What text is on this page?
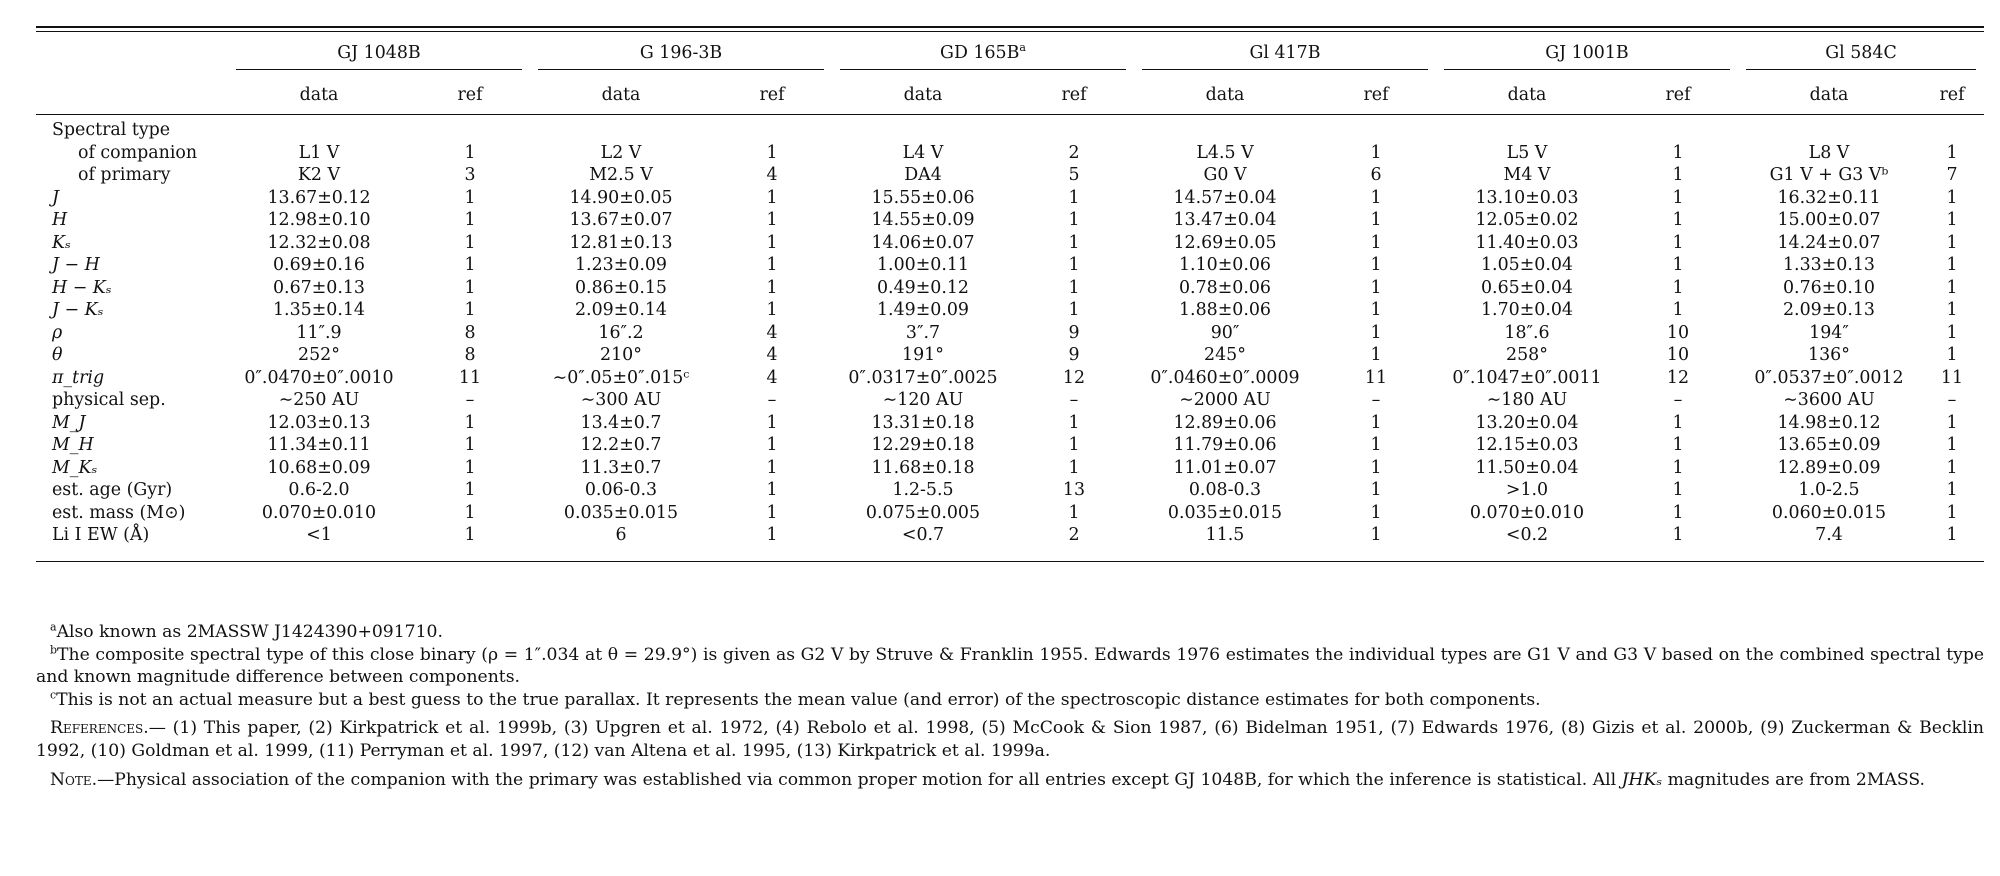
	GJ 1048B		G 196-3B		GD $165B^a$		Gl 417B		GJ 1001B		Gl 584C	

	data	ref	data	ref	data	ref	data	ref	data	ref	data	ref
Spectral type												
of companion	L1 V	1	L2 V	1	L4 V	2	L4.5 V	1	L5 V	1	L8 V	1
of primary	K2 V	3	M2.5 V	4	DA4	5	G0 V	6	M4 V	1	G1 V + G3 Vᵇ	7
J	13.67±0.12	1	14.90±0.05	1	15.55±0.06	1	14.57±0.04	1	13.10±0.03	1	16.32±0.11	1
H	12.98±0.10	1	13.67±0.07	1	14.55±0.09	1	13.47±0.04	1	12.05±0.02	1	15.00±0.07	1
Kₛ	12.32±0.08	1	12.81±0.13	1	14.06±0.07	1	12.69±0.05	1	11.40±0.03	1	14.24±0.07	1
J − H	0.69±0.16	1	1.23±0.09	1	1.00±0.11	1	1.10±0.06	1	1.05±0.04	1	1.33±0.13	1
H − Kₛ	0.67±0.13	1	0.86±0.15	1	0.49±0.12	1	0.78±0.06	1	0.65±0.04	1	0.76±0.10	1
J − Kₛ	1.35±0.14	1	2.09±0.14	1	1.49±0.09	1	1.88±0.06	1	1.70±0.04	1	2.09±0.13	1
ρ	11″.9	8	16″.2	4	3″.7	9	90″	1	18″.6	10	194″	1
θ	252°	8	210°	4	191°	9	245°	1	258°	10	136°	1
π_trig	0″.0470±0″.0010	11	∼0″.05±0″.015ᶜ	4	0″.0317±0″.0025	12	0″.0460±0″.0009	11	0″.1047±0″.0011	12	0″.0537±0″.0012	11
physical sep.	∼250 AU	–	∼300 AU	–	∼120 AU	–	∼2000 AU	–	∼180 AU	–	∼3600 AU	–
M_J	12.03±0.13	1	13.4±0.7	1	13.31±0.18	1	12.89±0.06	1	13.20±0.04	1	14.98±0.12	1
M_H	11.34±0.11	1	12.2±0.7	1	12.29±0.18	1	11.79±0.06	1	12.15±0.03	1	13.65±0.09	1
M_Kₛ	10.68±0.09	1	11.3±0.7	1	11.68±0.18	1	11.01±0.07	1	11.50±0.04	1	12.89±0.09	1
est. age (Gyr)	0.6-2.0	1	0.06-0.3	1	1.2-5.5	13	0.08-0.3	1	>1.0	1	1.0-2.5	1
est. mass (M⊙)	0.070±0.010	1	0.035±0.015	1	0.075±0.005	1	0.035±0.015	1	0.070±0.010	1	0.060±0.015	1
Li I EW (Å)	<1	1	6	1	<0.7	2	11.5	1	<0.2	1	7.4	1

$^a$Also known as 2MASSW J1424390+091710.

$^b$The composite spectral type of this close binary (ρ = 1″.034 at θ = 29.9°) is given as G2 V by Struve & Franklin 1955. Edwards 1976 estimates the individual types are G1 V and G3 V based on the combined spectral type and known magnitude difference between components.

$^c$This is not an actual measure but a best guess to the true parallax. It represents the mean value (and error) of the spectroscopic distance estimates for both components.

References.— (1) This paper, (2) Kirkpatrick et al. 1999b, (3) Upgren et al. 1972, (4) Rebolo et al. 1998, (5) McCook & Sion 1987, (6) Bidelman 1951, (7) Edwards 1976, (8) Gizis et al. 2000b, (9) Zuckerman & Becklin 1992, (10) Goldman et al. 1999, (11) Perryman et al. 1997, (12) van Altena et al. 1995, (13) Kirkpatrick et al. 1999a.

Note.—Physical association of the companion with the primary was established via common proper motion for all entries except GJ 1048B, for which the inference is statistical. All JHKₛ magnitudes are from 2MASS.
